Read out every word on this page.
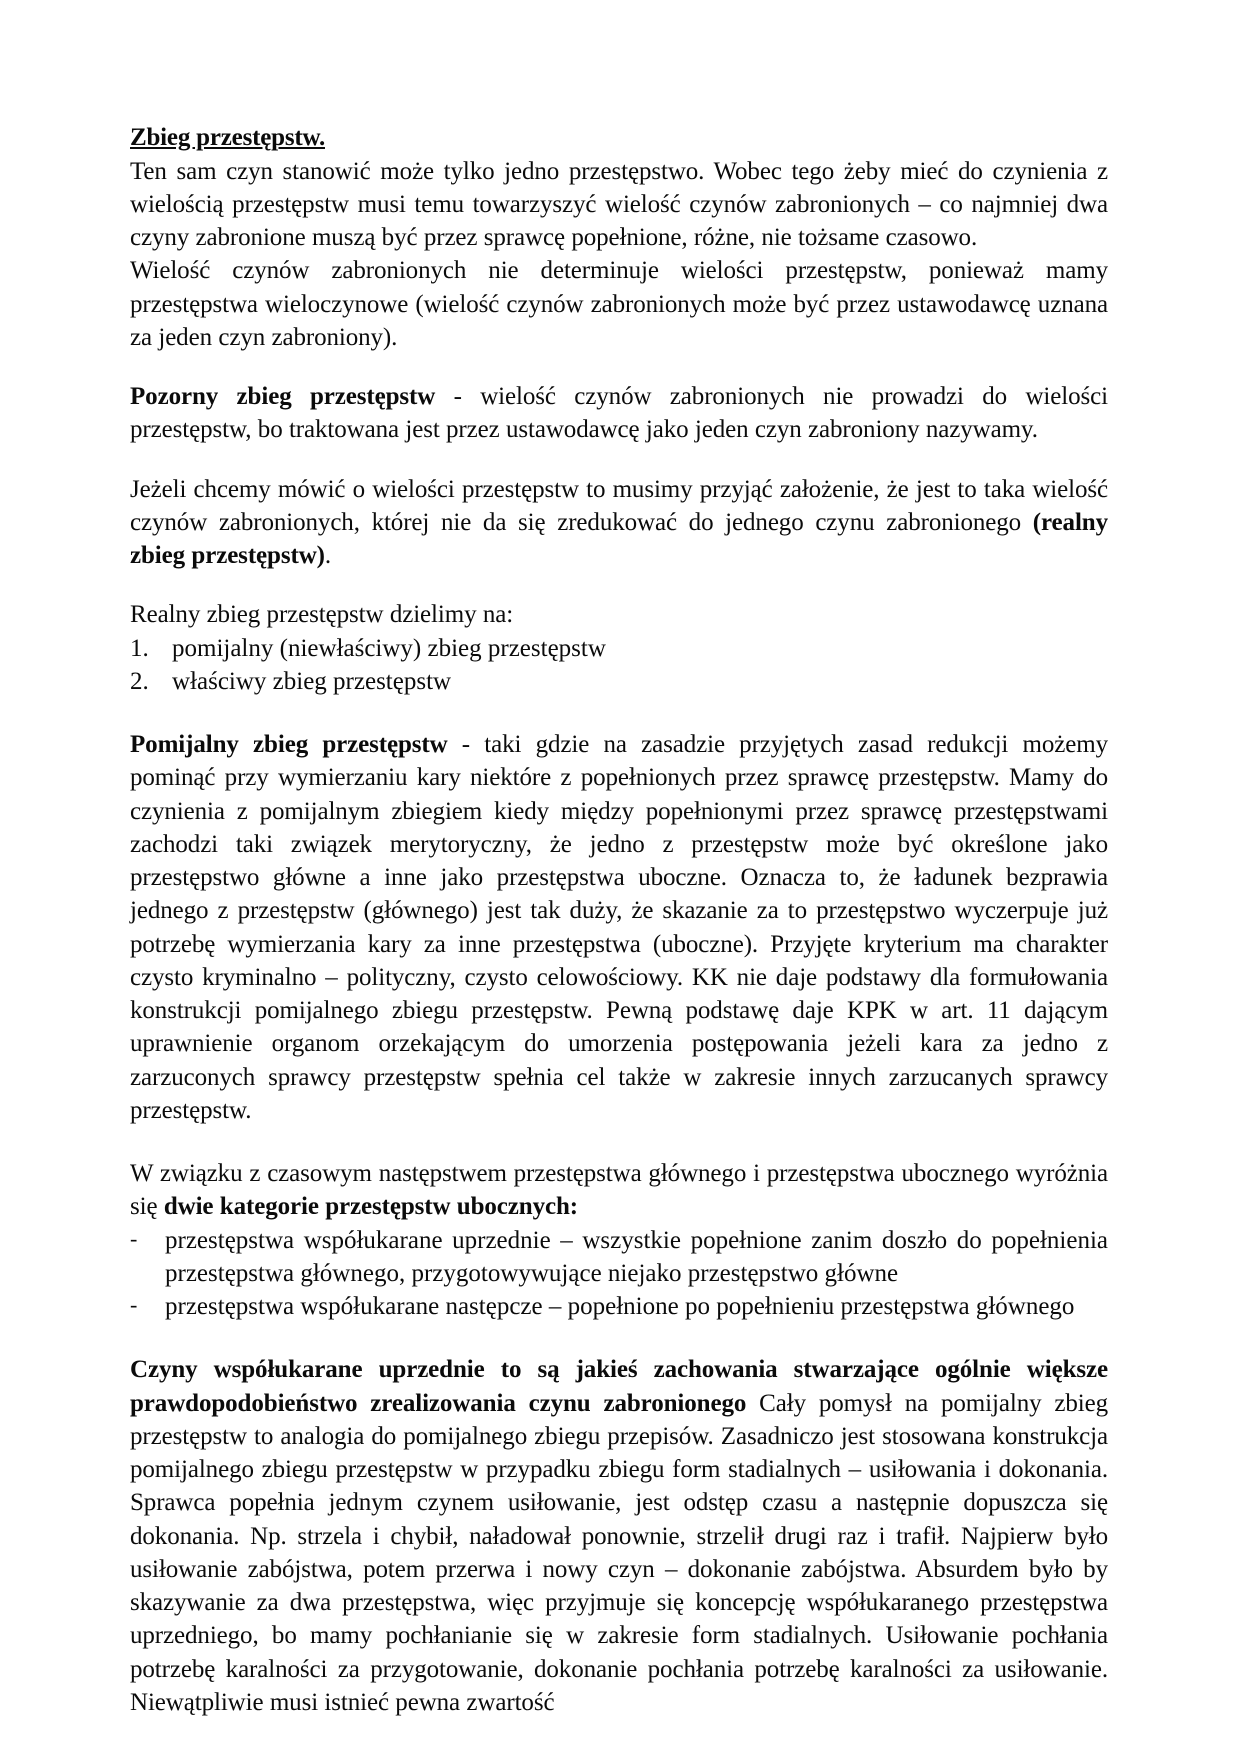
Zbieg przestępstw.

Ten sam czyn stanowić może tylko jedno przestępstwo. Wobec tego żeby mieć do czynienia z wielością przestępstw musi temu towarzyszyć wielość czynów zabronionych – co najmniej dwa czyny zabronione muszą być przez sprawcę popełnione, różne, nie tożsame czasowo.

Wielość czynów zabronionych nie determinuje wielości przestępstw, ponieważ mamy przestępstwa wieloczynowe (wielość czynów zabronionych może być przez ustawodawcę uznana za jeden czyn zabroniony).

Pozorny zbieg przestępstw - wielość czynów zabronionych nie prowadzi do wielości przestępstw, bo traktowana jest przez ustawodawcę jako jeden czyn zabroniony nazywamy.

Jeżeli chcemy mówić o wielości przestępstw to musimy przyjąć założenie, że jest to taka wielość czynów zabronionych, której nie da się zredukować do jednego czynu zabronionego (realny zbieg przestępstw).

Realny zbieg przestępstw dzielimy na:

1. pomijalny (niewłaściwy) zbieg przestępstw
2. właściwy zbieg przestępstw

Pomijalny zbieg przestępstw - taki gdzie na zasadzie przyjętych zasad redukcji możemy pominąć przy wymierzaniu kary niektóre z popełnionych przez sprawcę przestępstw. Mamy do czynienia z pomijalnym zbiegiem kiedy między popełnionymi przez sprawcę przestępstwami zachodzi taki związek merytoryczny, że jedno z przestępstw może być określone jako przestępstwo główne a inne jako przestępstwa uboczne. Oznacza to, że ładunek bezprawia jednego z przestępstw (głównego) jest tak duży, że skazanie za to przestępstwo wyczerpuje już potrzebę wymierzania kary za inne przestępstwa (uboczne). Przyjęte kryterium ma charakter czysto kryminalno – polityczny, czysto celowościowy. KK nie daje podstawy dla formułowania konstrukcji pomijalnego zbiegu przestępstw. Pewną podstawę daje KPK w art. 11 dającym uprawnienie organom orzekającym do umorzenia postępowania jeżeli kara za jedno z zarzuconych sprawcy przestępstw spełnia cel także w zakresie innych zarzucanych sprawcy przestępstw.

W związku z czasowym następstwem przestępstwa głównego i przestępstwa ubocznego wyróżnia się dwie kategorie przestępstw ubocznych:

-	przestępstwa współukarane uprzednie – wszystkie popełnione zanim doszło do popełnienia przestępstwa głównego, przygotowywujące niejako przestępstwo główne
-	przestępstwa współukarane następcze – popełnione po popełnieniu przestępstwa głównego

Czyny współukarane uprzednie to są jakieś zachowania stwarzające ogólnie większe prawdopodobieństwo zrealizowania czynu zabronionego Cały pomysł na pomijalny zbieg przestępstw to analogia do pomijalnego zbiegu przepisów. Zasadniczo jest stosowana konstrukcja pomijalnego zbiegu przestępstw w przypadku zbiegu form stadialnych – usiłowania i dokonania. Sprawca popełnia jednym czynem usiłowanie, jest odstęp czasu a następnie dopuszcza się dokonania. Np. strzela i chybił, naładował ponownie, strzelił drugi raz i trafił. Najpierw było usiłowanie zabójstwa, potem przerwa i nowy czyn – dokonanie zabójstwa. Absurdem było by skazywanie za dwa przestępstwa, więc przyjmuje się koncepcję współukaranego przestępstwa uprzedniego, bo mamy pochłanianie się w zakresie form stadialnych. Usiłowanie pochłania potrzebę karalności za przygotowanie, dokonanie pochłania potrzebę karalności za usiłowanie. Niewątpliwie musi istnieć pewna zwartość
